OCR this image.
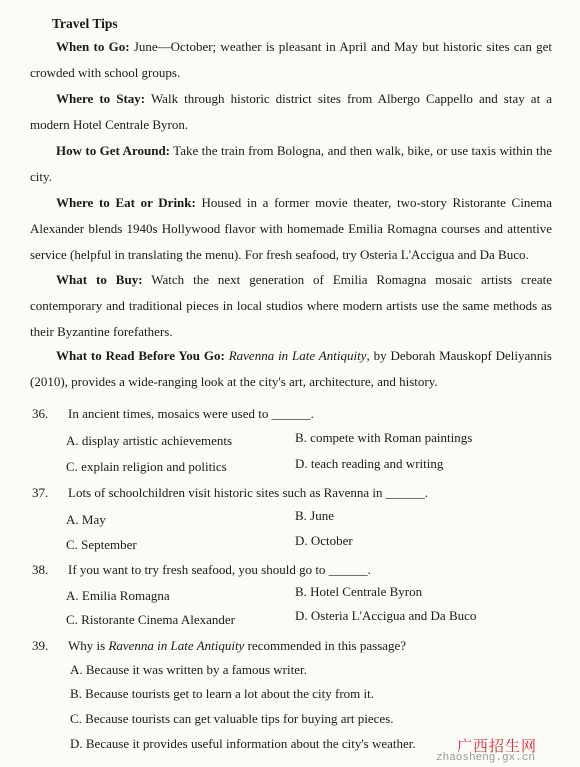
Travel Tips
When to Go: June—October; weather is pleasant in April and May but historic sites can get crowded with school groups.
Where to Stay: Walk through historic district sites from Albergo Cappello and stay at a modern Hotel Centrale Byron.
How to Get Around: Take the train from Bologna, and then walk, bike, or use taxis within the city.
Where to Eat or Drink: Housed in a former movie theater, two-story Ristorante Cinema Alexander blends 1940s Hollywood flavor with homemade Emilia Romagna courses and attentive service (helpful in translating the menu). For fresh seafood, try Osteria L'Accigua and Da Buco.
What to Buy: Watch the next generation of Emilia Romagna mosaic artists create contemporary and traditional pieces in local studios where modern artists use the same methods as their Byzantine forefathers.
What to Read Before You Go: Ravenna in Late Antiquity, by Deborah Mauskopf Deliyannis (2010), provides a wide-ranging look at the city's art, architecture, and history.
36.	In ancient times, mosaics were used to ______.
A. display artistic achievements	B. compete with Roman paintings
C. explain religion and politics	D. teach reading and writing
37.	Lots of schoolchildren visit historic sites such as Ravenna in ______.
A. May	B. June
C. September	D. October
38.	If you want to try fresh seafood, you should go to ______.
A. Emilia Romagna	B. Hotel Centrale Byron
C. Ristorante Cinema Alexander	D. Osteria L'Accigua and Da Buco
39.	Why is Ravenna in Late Antiquity recommended in this passage?
A. Because it was written by a famous writer.
B. Because tourists get to learn a lot about the city from it.
C. Because tourists can get valuable tips for buying art pieces.
D. Because it provides useful information about the city's weather.	广西招生网
zhaosheng.gx.cn
